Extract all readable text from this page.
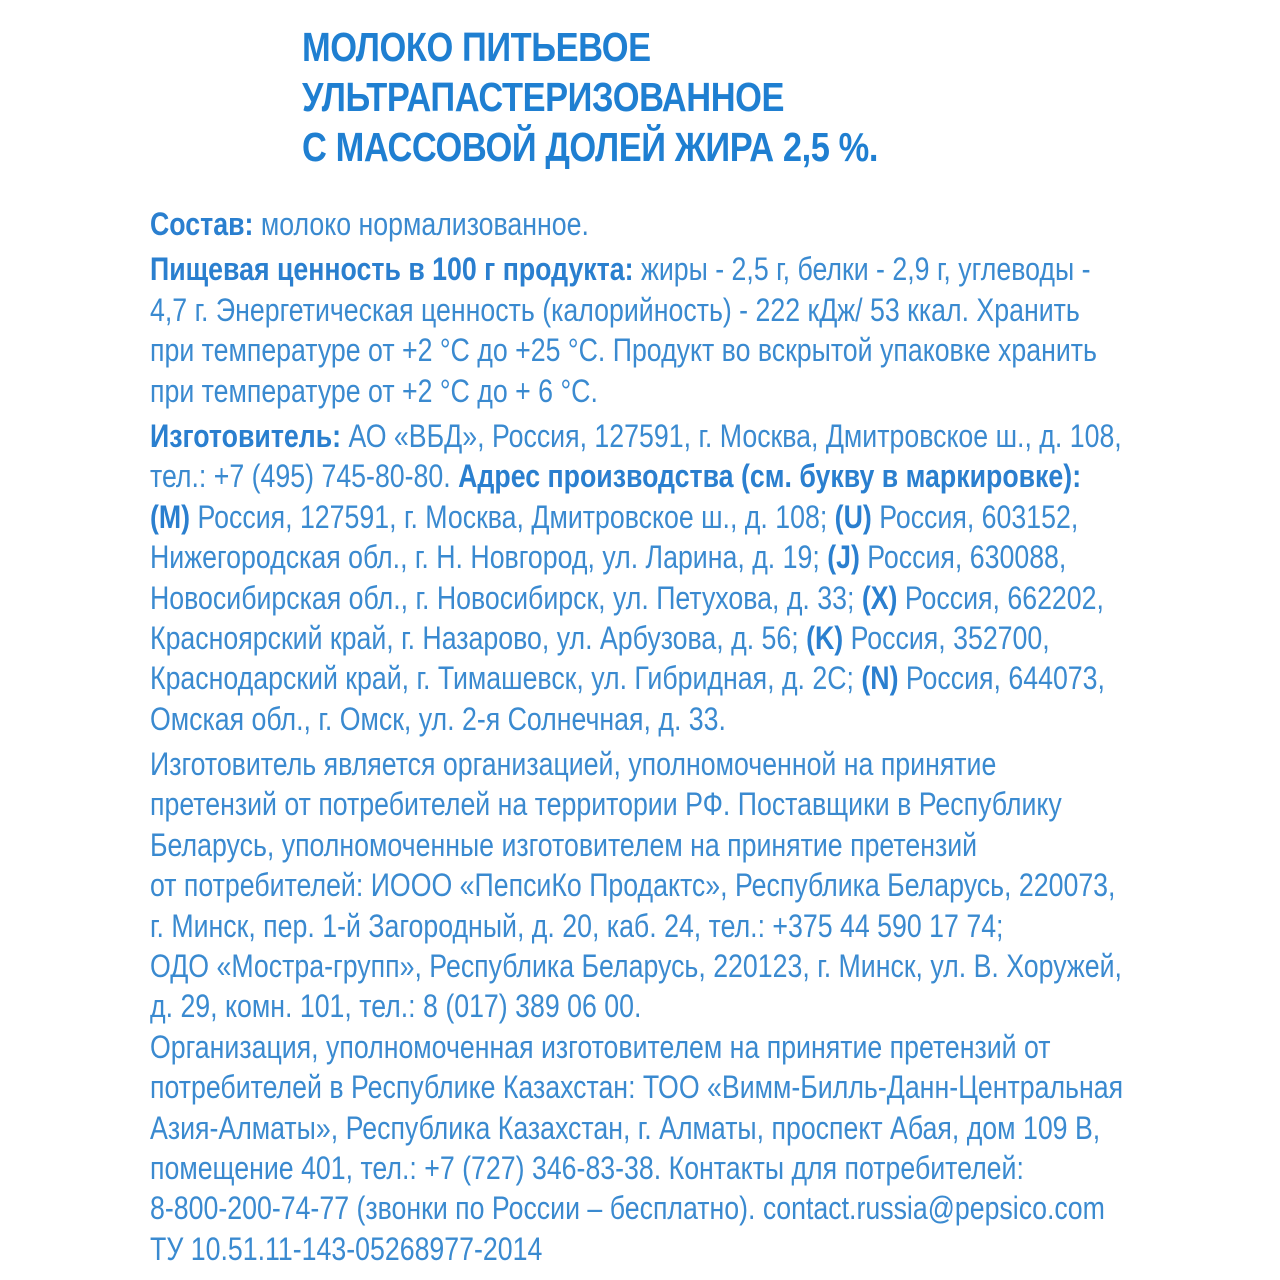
МОЛОКО ПИТЬЕВОЕ
УЛЬТРАПАСТЕРИЗОВАННОЕ
С МАССОВОЙ ДОЛЕЙ ЖИРА 2,5 %.
Состав: молоко нормализованное.
Пищевая ценность в 100 г продукта: жиры - 2,5 г, белки - 2,9 г, углеводы -
4,7 г. Энергетическая ценность (калорийность) - 222 кДж/ 53 ккал. Хранить
при температуре от +2 °С до +25 °С. Продукт во вскрытой упаковке хранить
при температуре от +2 °С до + 6 °С.
Изготовитель: АО «ВБД», Россия, 127591, г. Москва, Дмитровское ш., д. 108,
тел.: +7 (495) 745-80-80. Адрес производства (см. букву в маркировке):
(M) Россия, 127591, г. Москва, Дмитровское ш., д. 108; (U) Россия, 603152,
Нижегородская обл., г. Н. Новгород, ул. Ларина, д. 19; (J) Россия, 630088,
Новосибирская обл., г. Новосибирск, ул. Петухова, д. 33; (X) Россия, 662202,
Красноярский край, г. Назарово, ул. Арбузова, д. 56; (K) Россия, 352700,
Краснодарский край, г. Тимашевск, ул. Гибридная, д. 2С; (N) Россия, 644073,
Омская обл., г. Омск, ул. 2-я Солнечная, д. 33.
Изготовитель является организацией, уполномоченной на принятие
претензий от потребителей на территории РФ. Поставщики в Республику
Беларусь, уполномоченные изготовителем на принятие претензий
от потребителей: ИООО «ПепсиКо Продактс», Республика Беларусь, 220073,
г. Минск, пер. 1-й Загородный, д. 20, каб. 24, тел.: +375 44 590 17 74;
ОДО «Мостра-групп», Республика Беларусь, 220123, г. Минск, ул. В. Хоружей,
д. 29, комн. 101, тел.: 8 (017) 389 06 00.
Организация, уполномоченная изготовителем на принятие претензий от
потребителей в Республике Казахстан: ТОО «Вимм-Билль-Данн-Центральная
Азия-Алматы», Республика Казахстан, г. Алматы, проспект Абая, дом 109 В,
помещение 401, тел.: +7 (727) 346-83-38. Контакты для потребителей:
8-800-200-74-77 (звонки по России – бесплатно). contact.russia@pepsico.com
ТУ 10.51.11-143-05268977-2014
